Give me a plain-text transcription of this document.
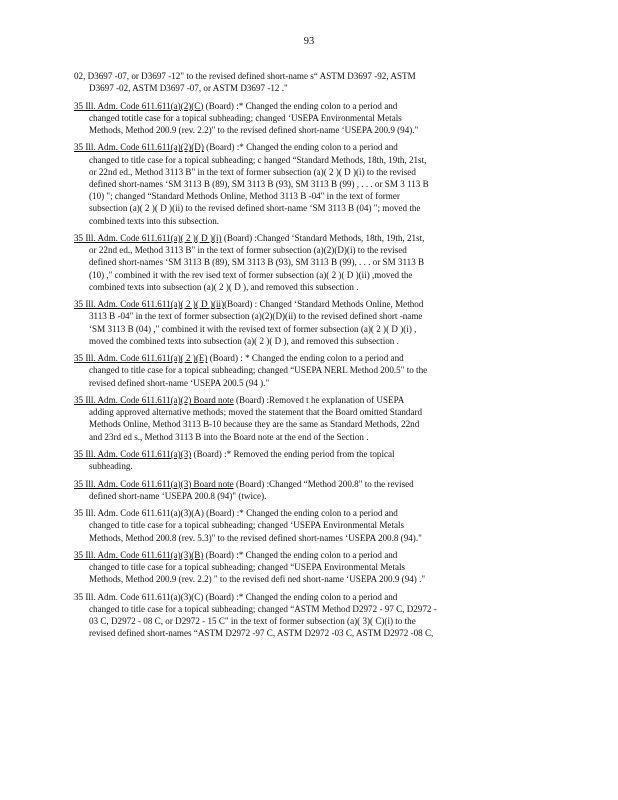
93
02, D3697 -07, or D3697 -12" to the revised defined short-name s“ ASTM D3697 -92, ASTM
D3697 -02, ASTM D3697 -07, or ASTM D3697 -12 ."
35 Ill. Adm. Code 611.611(a)(2)(C) (Board) :* Changed the ending colon to a period and
changed totitle case for a topical subheading; changed ‘USEPA Environmental Metals
Methods, Method 200.9 (rev. 2.2)" to the revised defined short-name ‘USEPA 200.9 (94)."
35 Ill. Adm. Code 611.611(a)(2)(D) (Board) :* Changed the ending colon to a period and
changed to title case for a topical subheading; c hanged “Standard Methods, 18th, 19th, 21st,
or 22nd ed., Method 3113 B" in the text of former subsection (a)( 2 )( D )(i) to the revised
defined short-names ‘SM 3113 B (89), SM 3113 B (93), SM 3113 B (99) , . . . or SM 3 113 B
(10) "; changed “Standard Methods Online, Method 3113 B -04" in the text of former
subsection (a)( 2 )( D )(ii) to the revised defined short-name ‘SM 3113 B (04) "; moved the
combined texts into this subsection.
35 Ill. Adm. Code 611.611(a)( 2 )( D )(i) (Board) :Changed ‘Standard Methods, 18th, 19th, 21st,
or 22nd ed., Method 3113 B" in the text of former subsection (a)(2)(D)(i) to the revised
defined short-names ‘SM 3113 B (89), SM 3113 B (93), SM 3113 B (99), . . . or SM 3113 B
(10) ," combined it with the rev ised text of former subsection (a)( 2 )( D )(ii) ,moved the
combined texts into subsection (a)( 2 )( D ), and removed this subsection .
35 Ill. Adm. Code 611.611(a)( 2 )( D )(ii)(Board) : Changed ‘Standard Methods Online, Method
3113 B -04" in the text of former subsection (a)(2)(D)(ii) to the revised defined short -name
‘SM 3113 B (04) ," combined it with the revised text of former subsection (a)( 2 )( D )(i) ,
moved the combined texts into subsection (a)( 2 )( D ), and removed this subsection .
35 Ill. Adm. Code 611.611(a)( 2 )(E) (Board) : * Changed the ending colon to a period and
changed to title case for a topical subheading; changed “USEPA NERL Method 200.5" to the
revised defined short-name ‘USEPA 200.5 (94 )."
35 Ill. Adm. Code 611.611(a)(2) Board note (Board) :Removed t he explanation of USEPA
adding approved alternative methods; moved the statement that the Board omitted Standard
Methods Online, Method 3113 B-10 because they are the same as Standard Methods, 22nd
and 23rd ed s., Method 3113 B into the Board note at the end of the Section .
35 Ill. Adm. Code 611.611(a)(3) (Board) :* Removed the ending period from the topical
subheading.
35 Ill. Adm. Code 611.611(a)(3) Board note (Board) :Changed “Method 200.8" to the revised
defined short-name ‘USEPA 200.8 (94)" (twice).
35 Ill. Adm. Code 611.611(a)(3)(A) (Board) :* Changed the ending colon to a period and
changed to title case for a topical subheading; changed ‘USEPA Environmental Metals
Methods, Method 200.8 (rev. 5.3)" to the revised defined short-names ‘USEPA 200.8 (94)."
35 Ill. Adm. Code 611.611(a)(3)(B) (Board) :* Changed the ending colon to a period and
changed to title case for a topical subheading; changed “USEPA Environmental Metals
Methods, Method 200.9 (rev. 2.2) " to the revised defi ned short-name ‘USEPA 200.9 (94) ."
35 Ill. Adm. Code 611.611(a)(3)(C) (Board) :* Changed the ending colon to a period and
changed to title case for a topical subheading; changed “ASTM Method D2972 - 97 C, D2972 -
03 C, D2972 - 08 C, or D2972 - 15 C" in the text of former subsection (a)( 3)( C)(i) to the
revised defined short-names “ASTM D2972 -97 C, ASTM D2972 -03 C, ASTM D2972 -08 C,
